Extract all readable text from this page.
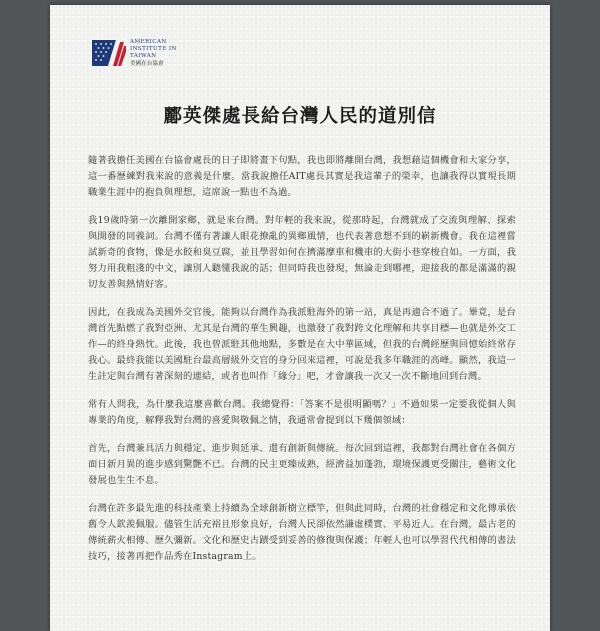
AMERICAN
INSTITUTE IN
TAIWAN
美國在台協會
酈英傑處長給台灣人民的道別信

隨著我擔任美國在台協會處長的日子即將畫下句點，我也即將離開台灣，我想藉這個機會和大家分享，這一番歷練對我來說的意義是什麼。當我說擔任AIT處長其實是我這輩子的榮幸，也讓我得以實現長期職業生涯中的抱負與理想，這席說一點也不為過。

我19歲時第一次離開家鄉，就是來台灣。對年輕的我來說，從那時起，台灣就成了交流與理解、探索與開發的同義詞。台灣不僅有著讓人眼花撩亂的異鄉風情，也代表著意想不到的嶄新機會。我在這裡嘗試新奇的食物，像是水餃和臭豆腐，並且學習如何在擠滿摩車和機車的大街小巷穿梭自如。一方面，我努力用我粗淺的中文，讓別人聽懂我說的話；但同時我也發現，無論走到哪裡，迎接我的都是滿滿的親切友善與熱情好客。

因此，在我成為美國外交官後，能夠以台灣作為我派駐海外的第一站，真是再適合不過了。畢竟，是台灣首先點燃了我對亞洲、尤其是台灣的華生興趣，也激發了我對跨文化理解和共享目標—也就是外交工作—的終身熱忱。此後，我也曾派駐其他地點，多數是在大中華區域，但我的台灣經歷與回憶始終常存我心。最終我能以美國駐台最高層級外交官的身分回來這裡，可說是我多年職涯的高峰。顯然，我這一生註定與台灣有著深刻的連結，或者也叫作「緣分」吧，才會讓我一次又一次不斷地回到台灣。

常有人問我，為什麼我這麼喜歡台灣。我總覺得：「答案不是很明顯嗎？」不過如果一定要我從個人與專業的角度，解釋我對台灣的喜愛與敬佩之情，我通常會提到以下幾個領域：

首先，台灣兼具活力與穩定、進步與延承、還有創新與傳統。每次回到這裡，我都對台灣社會在各個方面日新月異的進步感到驚艷不已。台灣的民主更臻成熟，經濟益加蓬勃，環境保護更受關注，藝術文化發展也生生不息。

台灣在許多最先進的科技產業上持續為全球創新樹立標竿，但與此同時，台灣的社會穩定和文化傳承依舊令人欽羨佩服。儘管生活充裕且形象良好，台灣人民卻依然謙虛樸實、平易近人。在台灣，最古老的傳統薪火相傳、歷久彌新。文化和歷史古蹟受到妥善的修復與保護；年輕人也可以學習代代相傳的書法技巧，接著再把作品秀在Instagram上。
